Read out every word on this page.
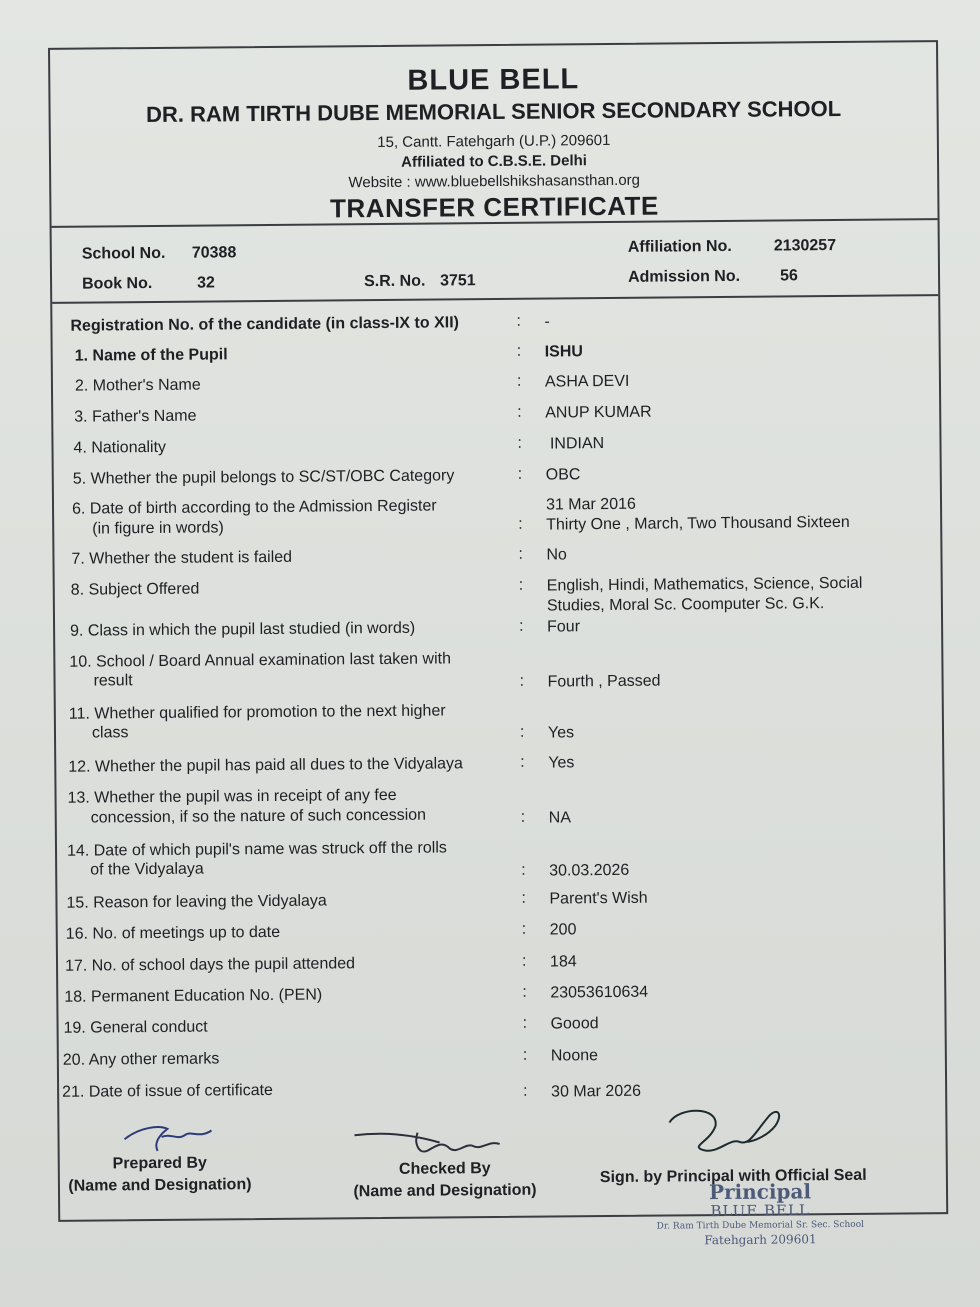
BLUE BELL
DR. RAM TIRTH DUBE MEMORIAL SENIOR SECONDARY SCHOOL
15, Cantt. Fatehgarh (U.P.) 209601
Affiliated to C.B.S.E. Delhi
Website : www.bluebellshikshasansthan.org
TRANSFER CERTIFICATE
School No. 70388
Book No.	32	S.R. No. 3751
Affiliation No.	2130257
Admission No. 56
Registration No. of the candidate (in class-IX to XII)	: -
1. Name of the Pupil	: ISHU
2. Mother's Name	: ASHA DEVI
3. Father's Name	: ANUP KUMAR
4. Nationality	: INDIAN
5. Whether the pupil belongs to SC/ST/OBC Category	: OBC
6. Date of birth according to the Admission Register
(in figure in words)	:
31 Mar 2016
Thirty One , March, Two Thousand Sixteen
7. Whether the student is failed	: No
8. Subject Offered	: English, Hindi, Mathematics, Science, Social
Studies, Moral Sc. Coomputer Sc. G.K.
9. Class in which the pupil last studied (in words)	: Four
10. School / Board Annual examination last taken with
result	: Fourth , Passed
11. Whether qualified for promotion to the next higher
class	: Yes
12. Whether the pupil has paid all dues to the Vidyalaya	: Yes
13. Whether the pupil was in receipt of any fee
concession, if so the nature of such concession	: NA
14. Date of which pupil's name was struck off the rolls
of the Vidyalaya	: 30.03.2026
15. Reason for leaving the Vidyalaya	: Parent's Wish
16. No. of meetings up to date	: 200
17. No. of school days the pupil attended	: 184
18. Permanent Education No. (PEN)	: 23053610634
19. General conduct	: Goood
20. Any other remarks	: Noone
21. Date of issue of certificate	: 30 Mar 2026
Prepared By
(Name and Designation)
Checked By
(Name and Designation)
Sign. by Principal with Official Seal
Principal
BLUE BELL
Dr. Ram Tirth Dube Memorial Sr. Sec. School
Fatehgarh 209601
